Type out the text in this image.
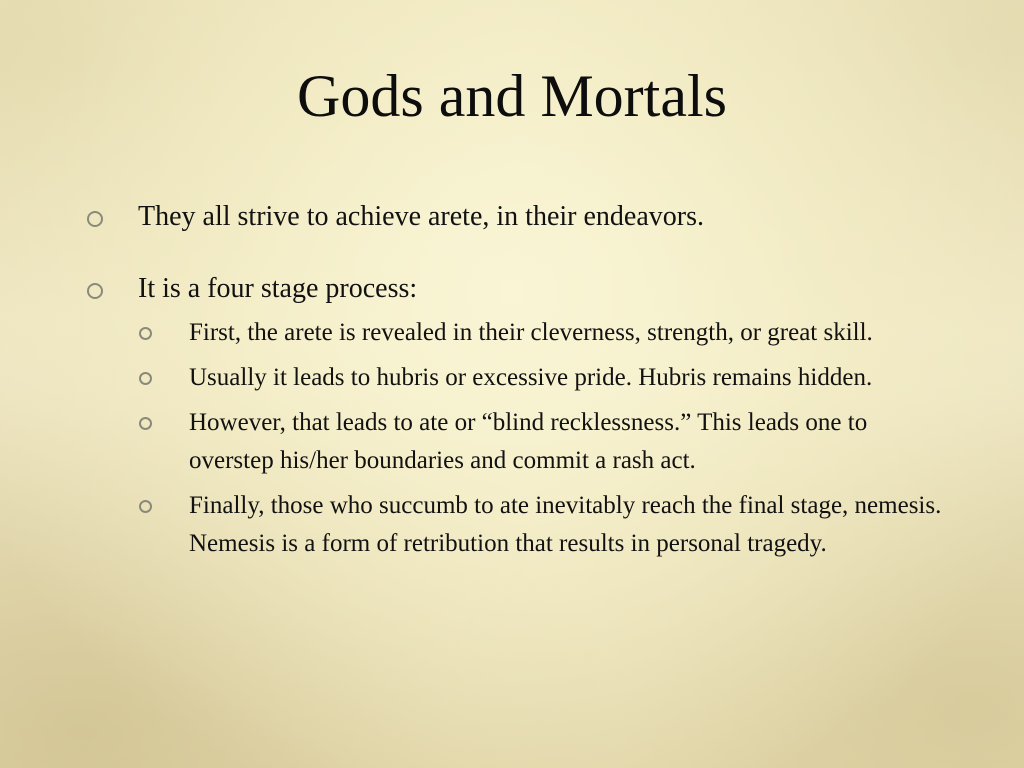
Gods and Mortals
They all strive to achieve arete, in their endeavors.
It is a four stage process:
First, the arete is revealed in their cleverness, strength, or great skill.
Usually it leads to hubris or excessive pride. Hubris remains hidden.
However, that leads to ate or “blind recklessness.” This leads one to overstep his/her boundaries and commit a rash act.
Finally, those who succumb to ate inevitably reach the final stage, nemesis. Nemesis is a form of retribution that results in personal tragedy.
